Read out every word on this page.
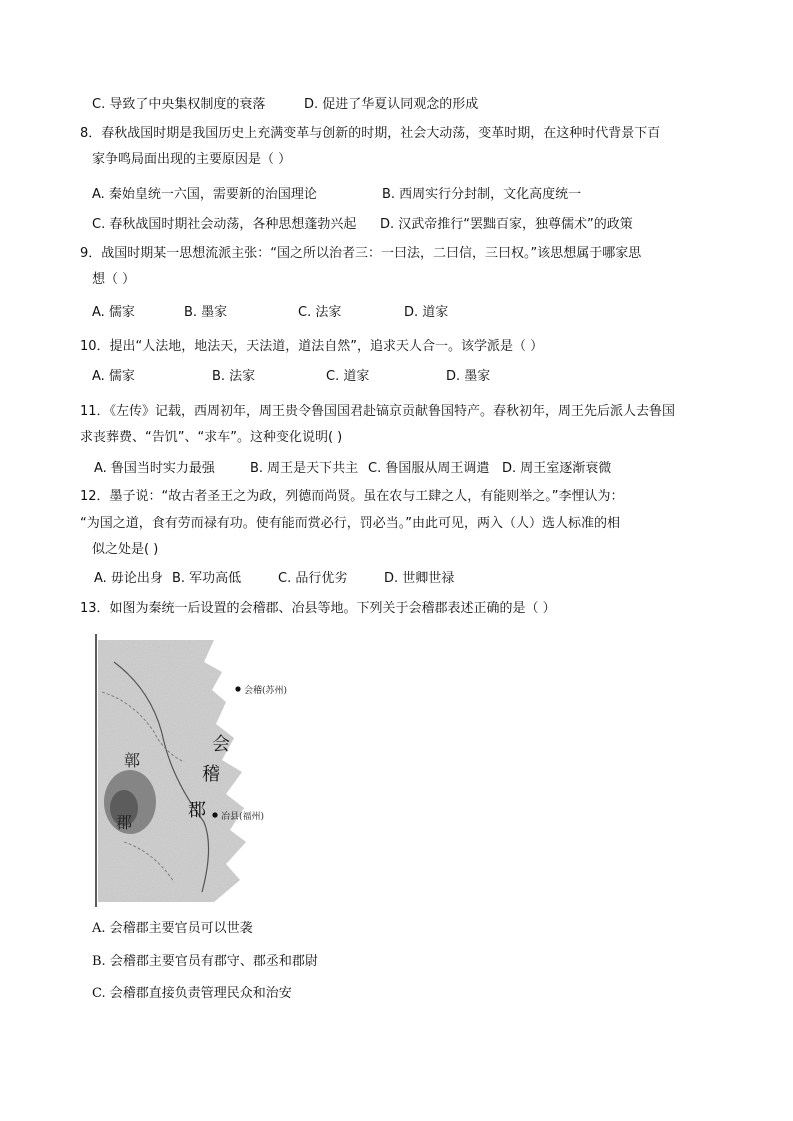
C. 导致了中央集权制度的衰落	D. 促进了华夏认同观念的形成
8．春秋战国时期是我国历史上充满变革与创新的时期，社会大动荡，变革时期，在这种时代背景下百
家争鸣局面出现的主要原因是（ ）
A. 秦始皇统一六国，需要新的治国理论	B. 西周实行分封制，文化高度统一
C. 春秋战国时期社会动荡，各种思想蓬勃兴起 D. 汉武帝推行“罢黜百家，独尊儒术”的政策
9．战国时期某一思想流派主张：“国之所以治者三：一曰法，二曰信，三曰权。”该思想属于哪家思
想（ ）
A. 儒家	B. 墨家	C. 法家	D. 道家
10．提出“人法地，地法天，天法道，道法自然”，追求天人合一。该学派是（ ）
A. 儒家	B. 法家	C. 道家	D. 墨家
11．《左传》记载，西周初年，周王贵令鲁国国君赴镐京贡献鲁国特产。春秋初年，周王先后派人去鲁国
求丧葬费、“告饥”、“求车”。这种变化说明( )
A. 鲁国当时实力最强	B. 周王是天下共主 C. 鲁国服从周王调遣 D. 周王室逐渐衰微
12．墨子说：“故古者圣王之为政，列德而尚贤。虽在农与工肆之人，有能则举之。”李悝认为：
“为国之道，食有劳而禄有功。使有能而赏必行，罚必当。”由此可见，两入（人）选人标准的相
似之处是( )
A. 毋论出身 B. 军功高低	C. 品行优劣	D. 世卿世禄
13．如图为秦统一后设置的会稽郡、冶县等地。下列关于会稽郡表述正确的是（ ）
会稽(苏州)
冶县(福州)
会
稽
郡
鄣
郡
A. 会稽郡主要官员可以世袭
B. 会稽郡主要官员有郡守、郡丞和郡尉
C. 会稽郡直接负责管理民众和治安
